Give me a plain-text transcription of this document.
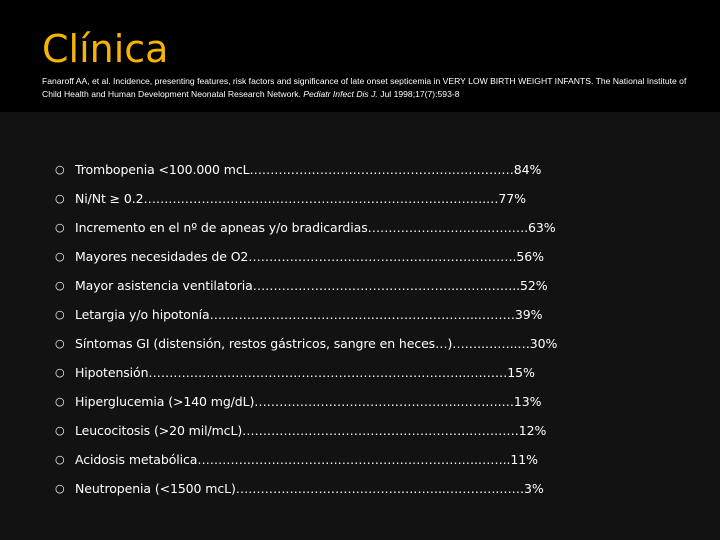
Clínica
Fanaroff AA, et al. Incidence, presenting features, risk factors and significance of late onset septicemia in VERY LOW BIRTH WEIGHT INFANTS. The National Institute of Child Health and Human Development Neonatal Research Network. Pediatr Infect Dis J. Jul 1998;17(7):593-8
○ Trombopenia <100.000 mcL…………………….…………………………………84%
○ Ni/Nt ≥ 0.2……………………………………………………………….……….…77%
○ Incremento en el nº de apneas y/o bradicardias………………………..……….63%
○ Mayores necesidades de O2……………………………………….……………….56%
○ Mayor asistencia ventilatoria…………………………………………..…….……..52%
○ Letargia y/o hipotonía………………………………………………………..………39%
○ Síntomas GI (distensión, restos gástricos, sangre en heces…)……..……..…30%
○ Hipotensión…………………………………………………………………..….……15%
○ Hiperglucemia (>140 mg/dL)…………………………………………..……….…13%
○ Leucocitosis (>20 mil/mcL)……………………………………………….…………12%
○ Acidosis metabólica………….……………………………………………….……..11%
○ Neutropenia (<1500 mcL)………………………………….………..………….……3%
